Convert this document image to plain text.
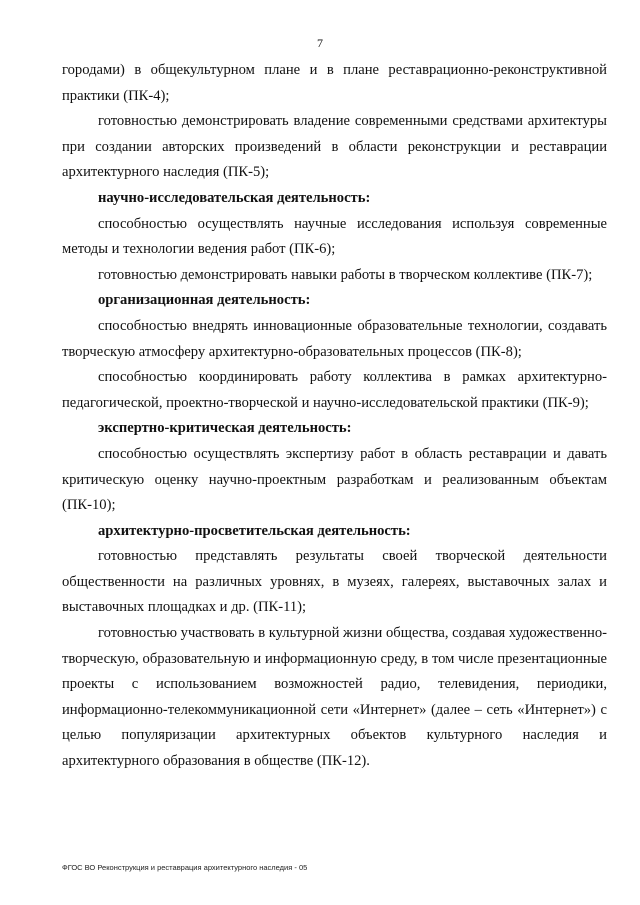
7

городами) в общекультурном плане и в плане реставрационно-реконструктивной практики (ПК-4);

готовностью демонстрировать владение современными средствами архитектуры при создании авторских произведений в области реконструкции и реставрации архитектурного наследия (ПК-5);

научно-исследовательская деятельность:

способностью осуществлять научные исследования используя современные методы и технологии ведения работ (ПК-6);

готовностью демонстрировать навыки работы в творческом коллективе (ПК-7);

организационная деятельность:

способностью внедрять инновационные образовательные технологии, создавать творческую атмосферу архитектурно-образовательных процессов (ПК-8);

способностью координировать работу коллектива в рамках архитектурно-педагогической, проектно-творческой и научно-исследовательской практики (ПК-9);

экспертно-критическая деятельность:

способностью осуществлять экспертизу работ в область реставрации и давать критическую оценку научно-проектным разработкам и реализованным объектам (ПК-10);

архитектурно-просветительская деятельность:

готовностью представлять результаты своей творческой деятельности общественности на различных уровнях, в музеях, галереях, выставочных залах и выставочных площадках и др. (ПК-11);

готовностью участвовать в культурной жизни общества, создавая художественно-творческую, образовательную и информационную среду, в том числе презентационные проекты с использованием возможностей радио, телевидения, периодики, информационно-телекоммуникационной сети «Интернет» (далее – сеть «Интернет») с целью популяризации архитектурных объектов культурного наследия и архитектурного образования в обществе (ПК-12).

ФГОС ВО Реконструкция и реставрация архитектурного наследия - 05
